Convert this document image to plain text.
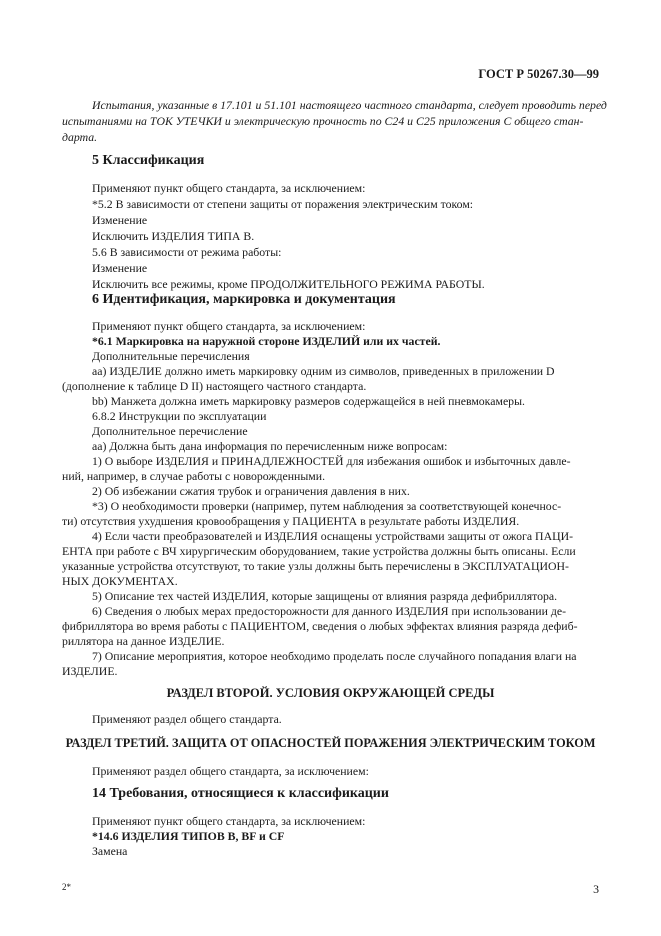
ГОСТ Р 50267.30—99
Испытания, указанные в 17.101 и 51.101 настоящего частного стандарта, следует проводить перед
испытаниями на ТОК УТЕЧКИ и электрическую прочность по С24 и С25 приложения С общего стан-
дарта.
5 Классификация
Применяют пункт общего стандарта, за исключением:
*5.2 В зависимости от степени защиты от поражения электрическим током:
Изменение
Исключить ИЗДЕЛИЯ ТИПА B.
5.6 В зависимости от режима работы:
Изменение
Исключить все режимы, кроме ПРОДОЛЖИТЕЛЬНОГО РЕЖИМА РАБОТЫ.
6 Идентификация, маркировка и документация
Применяют пункт общего стандарта, за исключением:
*6.1 Маркировка на наружной стороне ИЗДЕЛИЙ или их частей.
Дополнительные перечисления
аа) ИЗДЕЛИЕ должно иметь маркировку одним из символов, приведенных в приложении D
(дополнение к таблице D II) настоящего частного стандарта.
bb) Манжета должна иметь маркировку размеров содержащейся в ней пневмокамеры.
6.8.2 Инструкции по эксплуатации
Дополнительное перечисление
аа) Должна быть дана информация по перечисленным ниже вопросам:
1) О выборе ИЗДЕЛИЯ и ПРИНАДЛЕЖНОСТЕЙ для избежания ошибок и избыточных давле-
ний, например, в случае работы с новорожденными.
2) Об избежании сжатия трубок и ограничения давления в них.
*3) О необходимости проверки (например, путем наблюдения за соответствующей конечнос-
ти) отсутствия ухудшения кровообращения у ПАЦИЕНТА в результате работы ИЗДЕЛИЯ.
4) Если части преобразователей и ИЗДЕЛИЯ оснащены устройствами защиты от ожога ПАЦИ-
ЕНТА при работе с ВЧ хирургическим оборудованием, такие устройства должны быть описаны. Если
указанные устройства отсутствуют, то такие узлы должны быть перечислены в ЭКСПЛУАТАЦИОН-
НЫХ ДОКУМЕНТАХ.
5) Описание тех частей ИЗДЕЛИЯ, которые защищены от влияния разряда дефибриллятора.
6) Сведения о любых мерах предосторожности для данного ИЗДЕЛИЯ при использовании де-
фибриллятора во время работы с ПАЦИЕНТОМ, сведения о любых эффектах влияния разряда дефиб-
риллятора на данное ИЗДЕЛИЕ.
7) Описание мероприятия, которое необходимо проделать после случайного попадания влаги на
ИЗДЕЛИЕ.
РАЗДЕЛ ВТОРОЙ. УСЛОВИЯ ОКРУЖАЮЩЕЙ СРЕДЫ
Применяют раздел общего стандарта.
РАЗДЕЛ ТРЕТИЙ. ЗАЩИТА ОТ ОПАСНОСТЕЙ ПОРАЖЕНИЯ ЭЛЕКТРИЧЕСКИМ ТОКОМ
Применяют раздел общего стандарта, за исключением:
14 Требования, относящиеся к классификации
Применяют пункт общего стандарта, за исключением:
*14.6 ИЗДЕЛИЯ ТИПОВ В, BF и CF
Замена
2*	3
